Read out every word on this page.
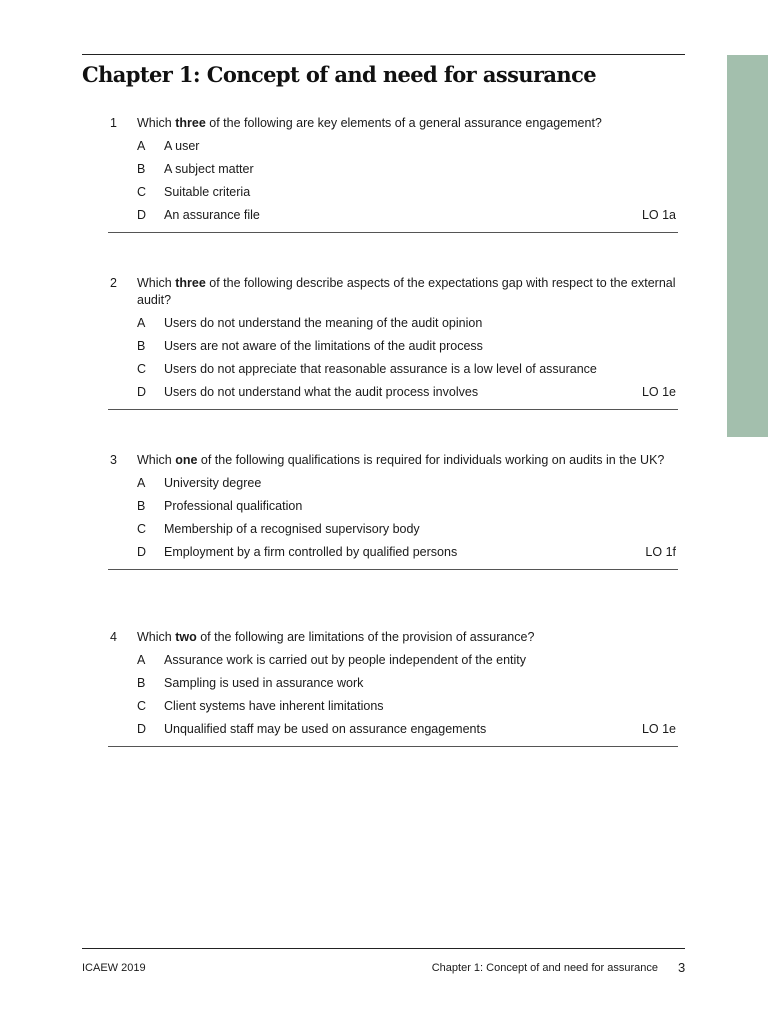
Chapter 1: Concept of and need for assurance
1 Which three of the following are key elements of a general assurance engagement?
A A user
B A subject matter
C Suitable criteria
D An assurance file	LO 1a
2 Which three of the following describe aspects of the expectations gap with respect to the external audit?
A Users do not understand the meaning of the audit opinion
B Users are not aware of the limitations of the audit process
C Users do not appreciate that reasonable assurance is a low level of assurance
D Users do not understand what the audit process involves	LO 1e
3 Which one of the following qualifications is required for individuals working on audits in the UK?
A University degree
B Professional qualification
C Membership of a recognised supervisory body
D Employment by a firm controlled by qualified persons	LO 1f
4 Which two of the following are limitations of the provision of assurance?
A Assurance work is carried out by people independent of the entity
B Sampling is used in assurance work
C Client systems have inherent limitations
D Unqualified staff may be used on assurance engagements	LO 1e
ICAEW 2019	Chapter 1: Concept of and need for assurance 3
